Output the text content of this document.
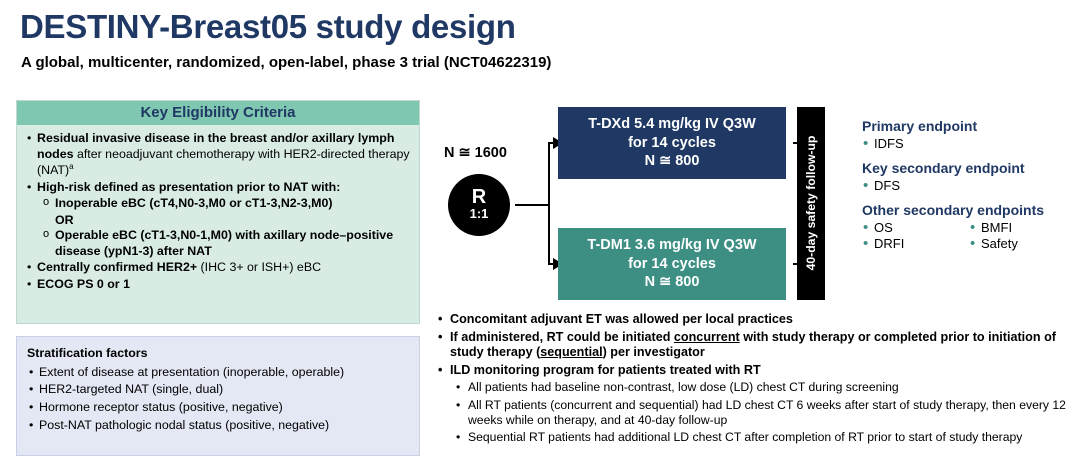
DESTINY-Breast05 study design
A global, multicenter, randomized, open-label, phase 3 trial (NCT04622319)
Key Eligibility Criteria
• Residual invasive disease in the breast and/or axillary lymph nodes after neoadjuvant chemotherapy with HER2-directed therapy (NAT)$^a$
• High-risk defined as presentation prior to NAT with:
o Inoperable eBC (cT4,N0-3,M0 or cT1-3,N2-3,M0)
OR
o Operable eBC (cT1-3,N0-1,M0) with axillary node–positive disease (ypN1-3) after NAT
• Centrally confirmed HER2+ (IHC 3+ or ISH+) eBC
• ECOG PS 0 or 1
Stratification factors
• Extent of disease at presentation (inoperable, operable)
• HER2-targeted NAT (single, dual)
• Hormone receptor status (positive, negative)
• Post-NAT pathologic nodal status (positive, negative)
N ≅ 1600
R
1:1
T-DXd 5.4 mg/kg IV Q3W
for 14 cycles
N ≅ 800
T-DM1 3.6 mg/kg IV Q3W
for 14 cycles
N ≅ 800
40-day safety follow-up
Primary endpoint
• IDFS
Key secondary endpoint
• DFS
Other secondary endpoints
• OS
• DRFI
• BMFI
• Safety
• Concomitant adjuvant ET was allowed per local practices
• If administered, RT could be initiated concurrent with study therapy or completed prior to initiation of study therapy (sequential) per investigator
• ILD monitoring program for patients treated with RT
• All patients had baseline non-contrast, low dose (LD) chest CT during screening
• All RT patients (concurrent and sequential) had LD chest CT 6 weeks after start of study therapy, then every 12 weeks while on therapy, and at 40-day follow-up
• Sequential RT patients had additional LD chest CT after completion of RT prior to start of study therapy
